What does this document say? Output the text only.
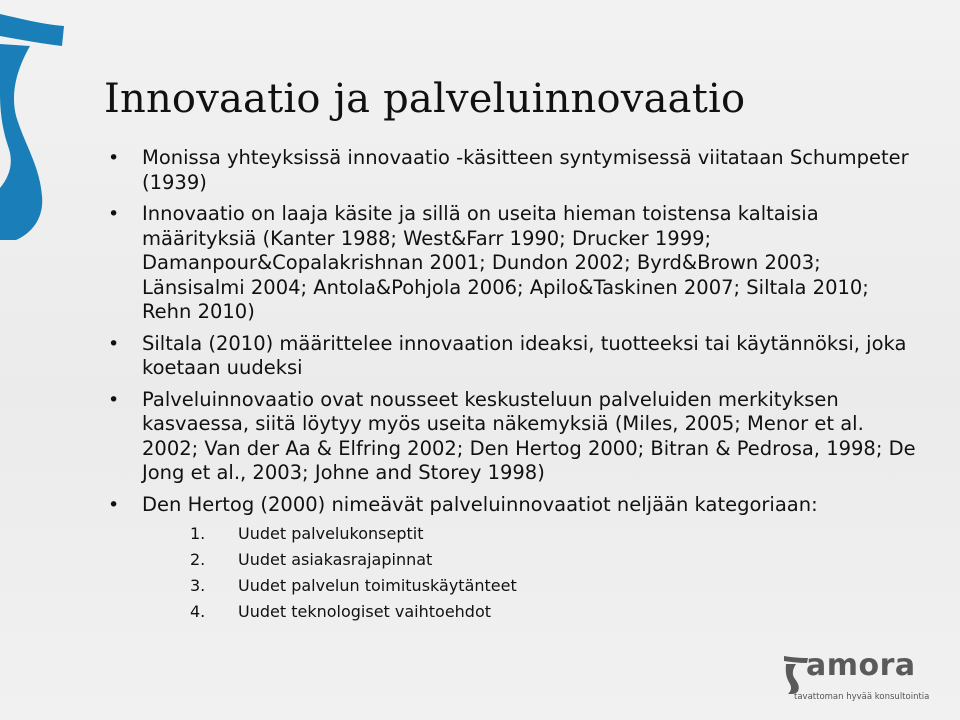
Innovaatio ja palveluinnovaatio
• Monissa yhteyksissä innovaatio -käsitteen syntymisessä viitataan Schumpeter (1939)
• Innovaatio on laaja käsite ja sillä on useita hieman toistensa kaltaisia määrityksiä (Kanter 1988; West&Farr 1990; Drucker 1999; Damanpour&Copalakrishnan 2001; Dundon 2002; Byrd&Brown 2003; Länsisalmi 2004; Antola&Pohjola 2006; Apilo&Taskinen 2007; Siltala 2010; Rehn 2010)
• Siltala (2010) määrittelee innovaation ideaksi, tuotteeksi tai käytännöksi, joka koetaan uudeksi
• Palveluinnovaatio ovat nousseet keskusteluun palveluiden merkityksen kasvaessa, siitä löytyy myös useita näkemyksiä (Miles, 2005; Menor et al. 2002; Van der Aa & Elfring 2002; Den Hertog 2000; Bitran & Pedrosa, 1998; De Jong et al., 2003; Johne and Storey 1998)
• Den Hertog (2000) nimeävät palveluinnovaatiot neljään kategoriaan:
1. Uudet palvelukonseptit
2. Uudet asiakasrajapinnat
3. Uudet palvelun toimituskäytänteet
4. Uudet teknologiset vaihtoehdot
amora
tavattoman hyvää konsultointia
